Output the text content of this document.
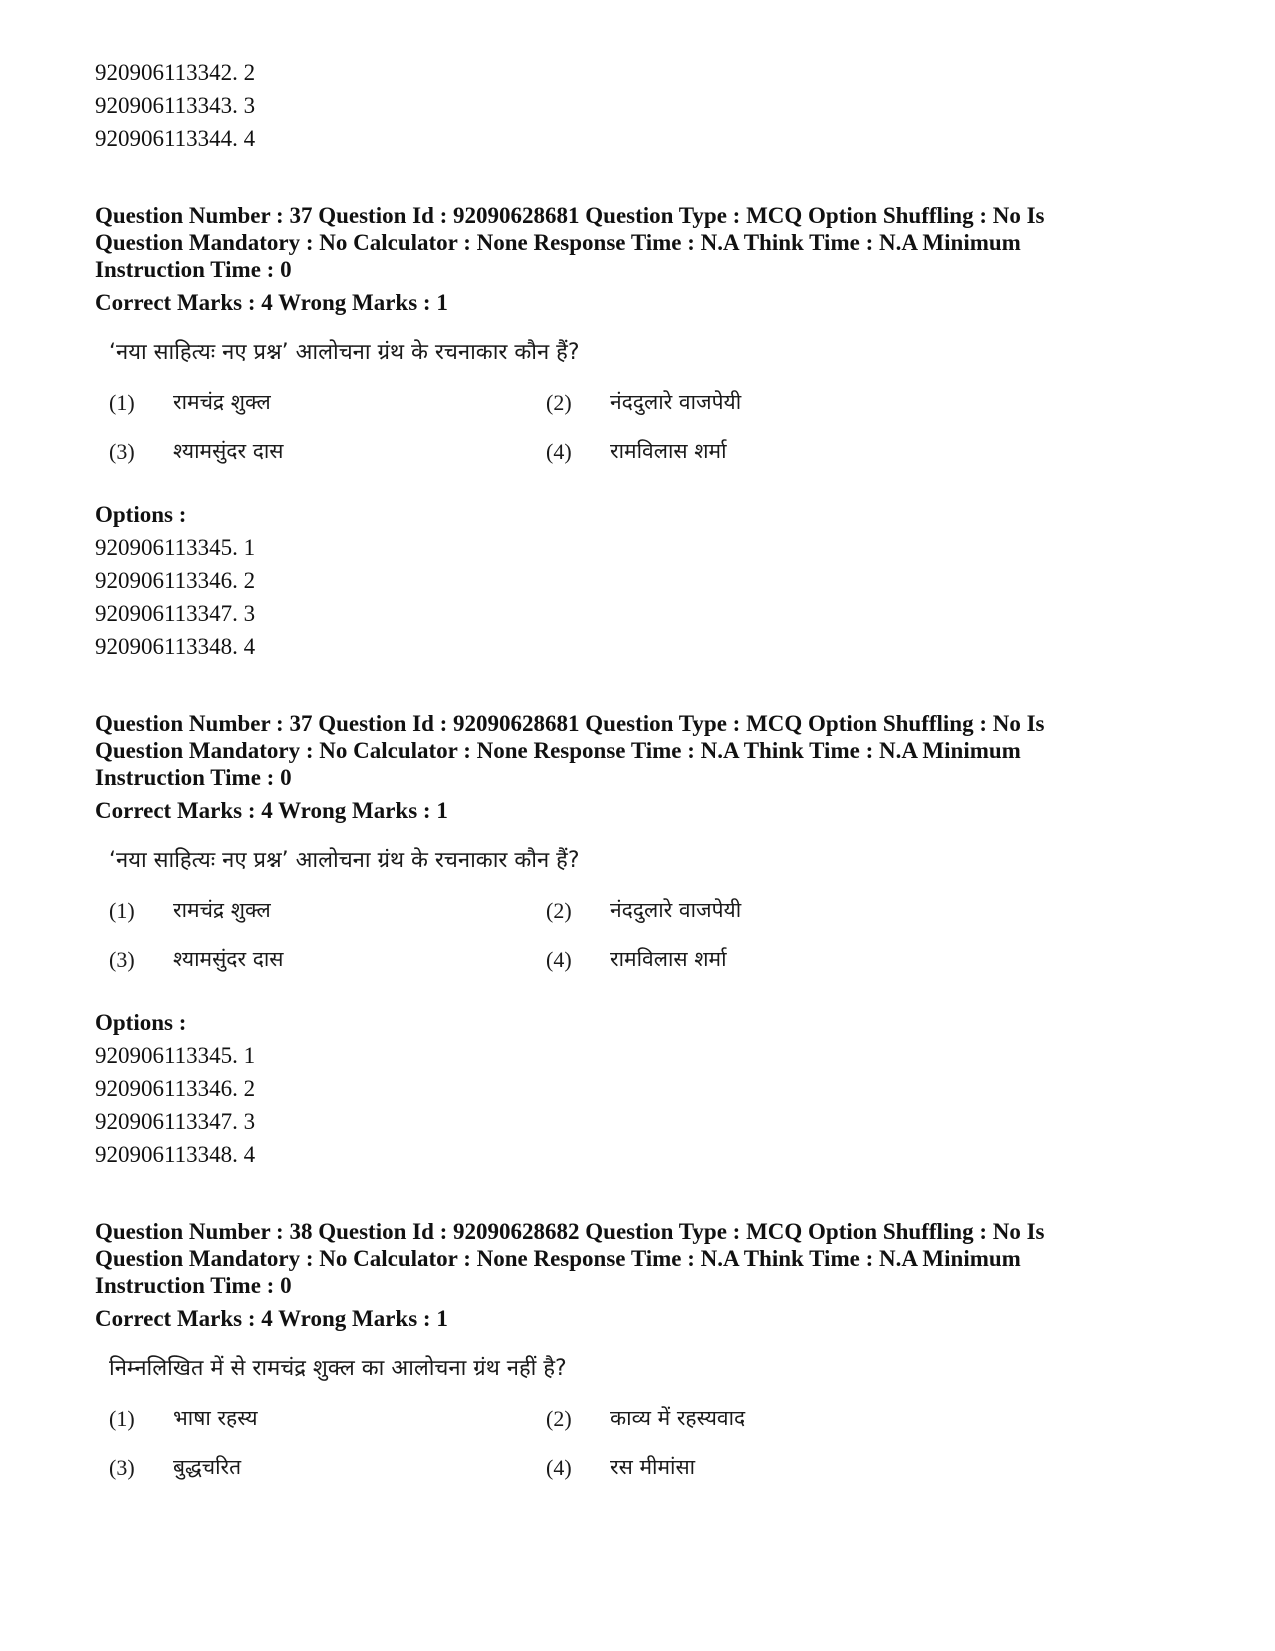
920906113342. 2
920906113343. 3
920906113344. 4
Question Number : 37 Question Id : 92090628681 Question Type : MCQ Option Shuffling : No Is
Question Mandatory : No Calculator : None Response Time : N.A Think Time : N.A Minimum
Instruction Time : 0
Correct Marks : 4 Wrong Marks : 1
‘नया साहित्यः नए प्रश्न’ आलोचना ग्रंथ के रचनाकार कौन हैं?
(1)	रामचंद्र शुक्ल	(2)	नंददुलारे वाजपेयी
(3)	श्यामसुंदर दास	(4)	रामविलास शर्मा
Options :
920906113345. 1
920906113346. 2
920906113347. 3
920906113348. 4
Question Number : 37 Question Id : 92090628681 Question Type : MCQ Option Shuffling : No Is
Question Mandatory : No Calculator : None Response Time : N.A Think Time : N.A Minimum
Instruction Time : 0
Correct Marks : 4 Wrong Marks : 1
‘नया साहित्यः नए प्रश्न’ आलोचना ग्रंथ के रचनाकार कौन हैं?
(1)	रामचंद्र शुक्ल	(2)	नंददुलारे वाजपेयी
(3)	श्यामसुंदर दास	(4)	रामविलास शर्मा
Options :
920906113345. 1
920906113346. 2
920906113347. 3
920906113348. 4
Question Number : 38 Question Id : 92090628682 Question Type : MCQ Option Shuffling : No Is
Question Mandatory : No Calculator : None Response Time : N.A Think Time : N.A Minimum
Instruction Time : 0
Correct Marks : 4 Wrong Marks : 1
निम्नलिखित में से रामचंद्र शुक्ल का आलोचना ग्रंथ नहीं है?
(1)	भाषा रहस्य	(2)	काव्य में रहस्यवाद
(3)	बुद्धचरित	(4)	रस मीमांसा
